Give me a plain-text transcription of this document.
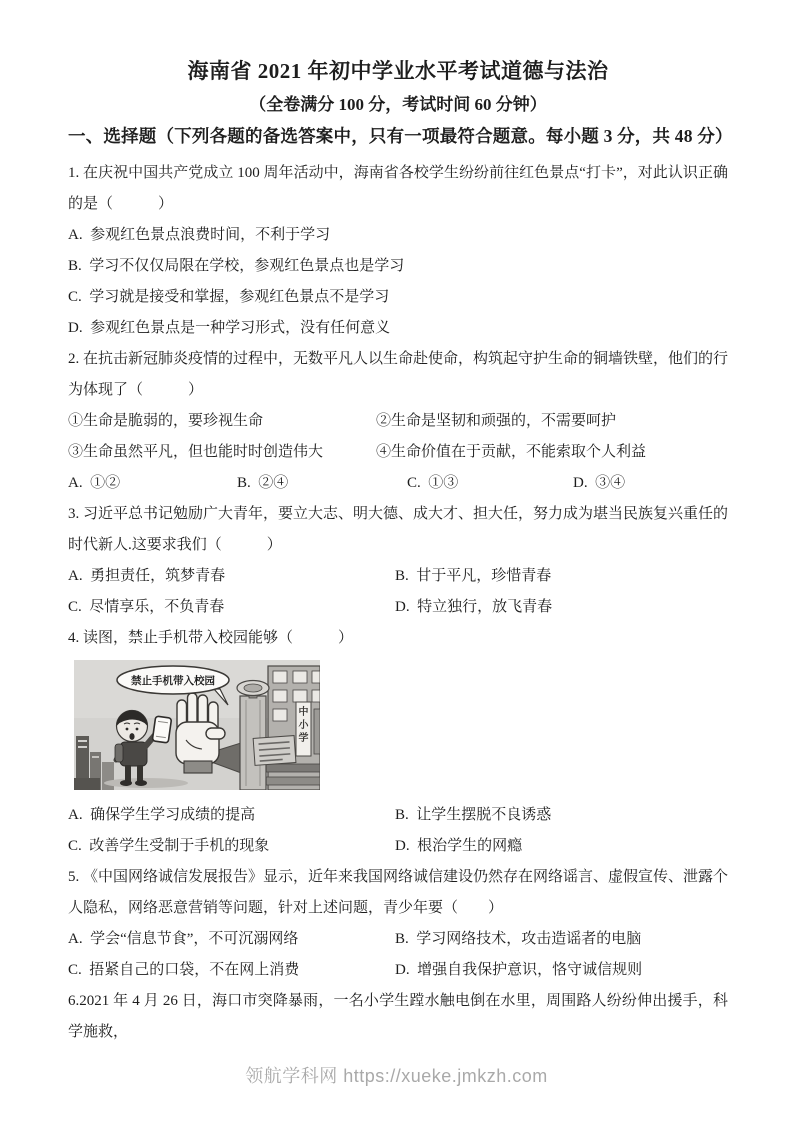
海南省 2021 年初中学业水平考试道德与法治
（全卷满分 100 分，考试时间 60 分钟）
一、选择题（下列各题的备选答案中，只有一项最符合题意。每小题 3 分，共 48 分）

1. 在庆祝中国共产党成立 100 周年活动中，海南省各校学生纷纷前往红色景点“打卡”，对此认识正确的是（　　　）

A.  参观红色景点浪费时间，不利于学习
B.  学习不仅仅局限在学校，参观红色景点也是学习
C.  学习就是接受和掌握，参观红色景点不是学习
D.  参观红色景点是一种学习形式，没有任何意义

2. 在抗击新冠肺炎疫情的过程中，无数平凡人以生命赴使命，构筑起守护生命的铜墙铁壁，他们的行为体现了（　　　）

①生命是脆弱的，要珍视生命	②生命是坚韧和顽强的，不需要呵护
③生命虽然平凡，但也能时时创造伟大	④生命价值在于贡献，不能索取个人利益
A.  ①②	B.  ②④	C.  ①③	D.  ③④

3. 习近平总书记勉励广大青年，要立大志、明大德、成大才、担大任，努力成为堪当民族复兴重任的时代新人.这要求我们（　　　）

A.  勇担责任，筑梦青春	B.  甘于平凡，珍惜青春
C.  尽情享乐，不负青春	D.  特立独行，放飞青春

4. 读图，禁止手机带入校园能够（　　　）

中小学
禁止手机带入校园
A.  确保学生学习成绩的提高	B.  让学生摆脱不良诱惑
C.  改善学生受制于手机的现象	D.  根治学生的网瘾

5. 《中国网络诚信发展报告》显示，近年来我国网络诚信建设仍然存在网络谣言、虚假宣传、泄露个人隐私，网络恶意营销等问题，针对上述问题，青少年要（　　）

A.  学会“信息节食”，不可沉溺网络	B.  学习网络技术，攻击造谣者的电脑
C.  捂紧自己的口袋，不在网上消费	D.  增强自我保护意识，恪守诚信规则

6.2021 年 4 月 26 日，海口市突降暴雨，一名小学生蹚水触电倒在水里，周围路人纷纷伸出援手，科学施救，

领航学科网 https://xueke.jmkzh.com
